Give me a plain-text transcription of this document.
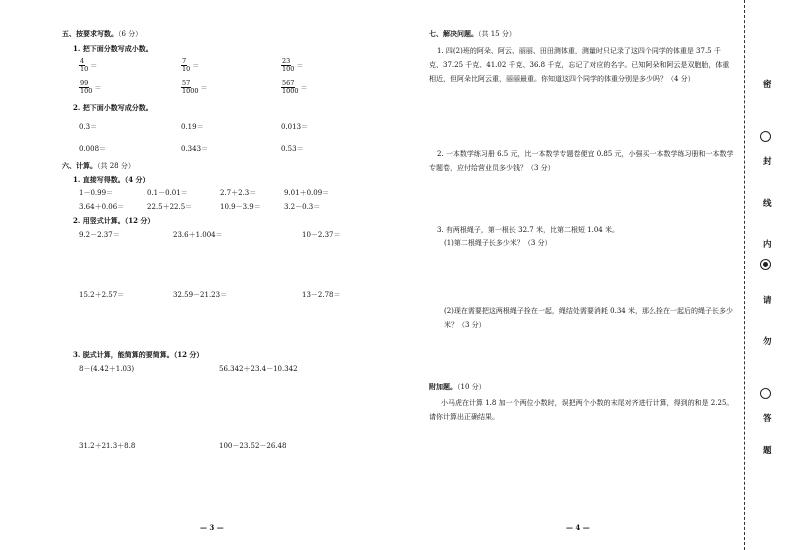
五、按要求写数。（6 分）
1. 把下面分数写成小数。
$\frac{4}{10}$ ＝	$\frac{7}{10}$ ＝	$\frac{23}{100}$ ＝
$\frac{99}{100}$ ＝	$\frac{57}{1000}$ ＝	$\frac{567}{1000}$ ＝
2. 把下面小数写成分数。
0.3＝	0.19＝	0.013＝
0.008＝	0.343＝	0.53＝
六、计算。（共 28 分）
1. 直接写得数。（4 分）
1－0.99＝	0.1－0.01＝	2.7＋2.3＝	9.01＋0.09＝
3.64＋0.06＝	22.5＋22.5＝	10.9－3.9＝	3.2－0.3＝
2. 用竖式计算。（12 分）
9.2－2.37＝	23.6＋1.004＝	10－2.37＝
15.2＋2.57＝	32.59－21.23＝	13－2.78＝
3. 脱式计算，能简算的要简算。（12 分）
8－(4.42＋1.03)	56.342＋23.4－10.342
31.2＋21.3＋8.8	100－23.52－26.48
— 3 —
七、解决问题。（共 15 分）
1. 四(2)班的阿朵、阿云、丽丽、田田测体重，测量时只记录了这四个同学的体重是 37.5 千克、37.25 千克、41.02 千克、36.8 千克，忘记了对应的名字。已知阿朵和阿云是双胞胎，体重相近，但阿朵比阿云重，丽丽最重。你知道这四个同学的体重分别是多少吗？（4 分）
2. 一本数学练习册 6.5 元，比一本数学专题卷便宜 0.85 元，小强买一本数学练习册和一本数学专题卷，应付给营业员多少钱？（3 分）
3. 有两根绳子，第一根长 32.7 米，比第二根短 1.04 米。
(1)第二根绳子长多少米？（3 分）
(2)现在需要把这两根绳子拴在一起，绳结处需要消耗 0.34 米，那么拴在一起后的绳子长多少米？（3 分）
附加题。（10 分）
小马虎在计算 1.8 加一个两位小数时，误把两个小数的末尾对齐进行计算，得到的和是 2.25。请你计算出正确结果。
— 4 —
密
封
线
内
请
勿
答
题
